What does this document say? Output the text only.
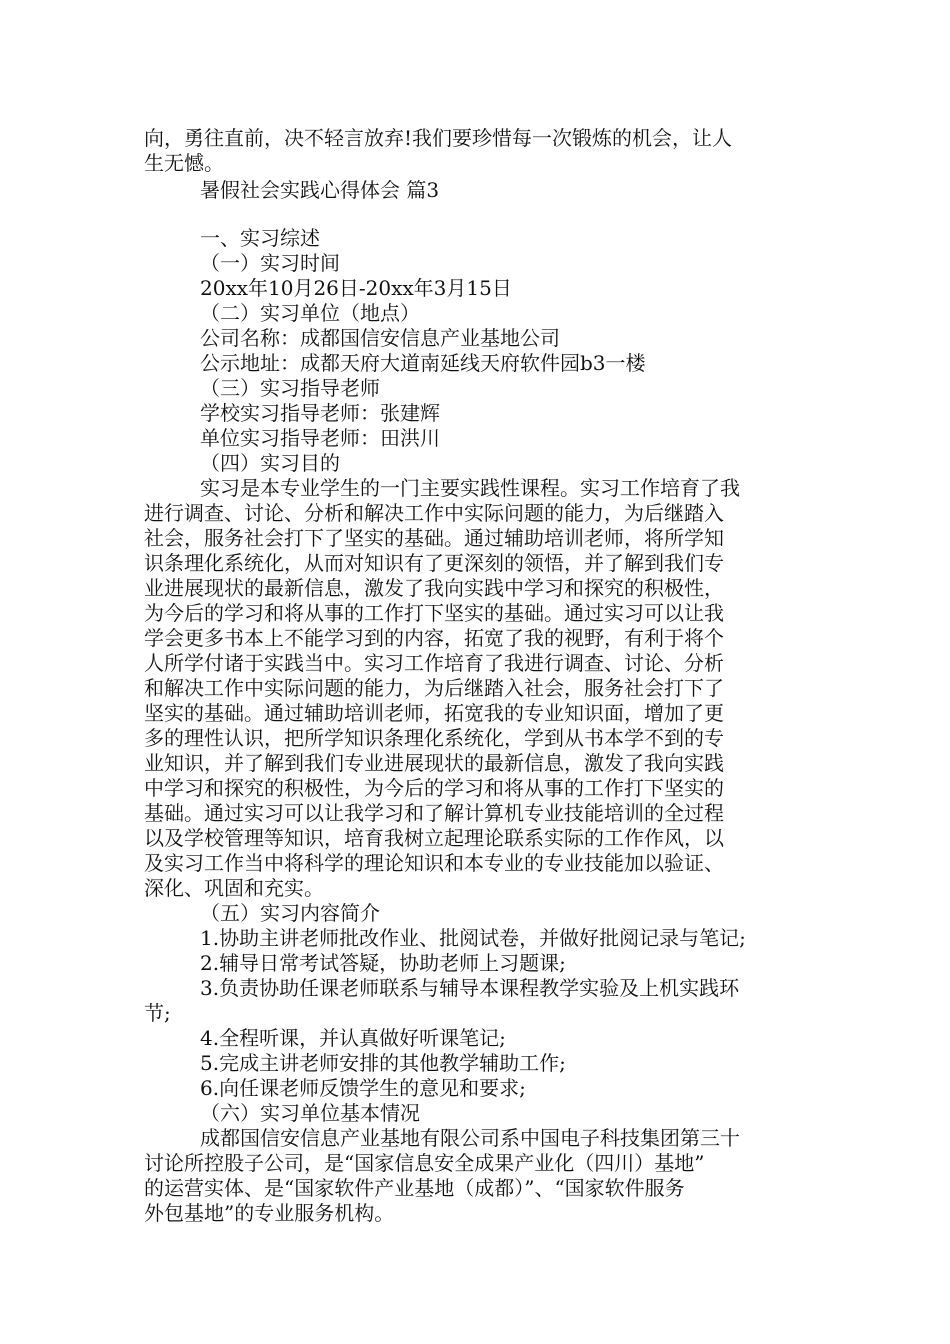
向，勇往直前，决不轻言放弃!我们要珍惜每一次锻炼的机会，让人
生无憾。
暑假社会实践心得体会 篇3
一、实习综述
（一）实习时间
20xx年10月26日-20xx年3月15日
（二）实习单位（地点）
公司名称：成都国信安信息产业基地公司
公示地址：成都天府大道南延线天府软件园b3一楼
（三）实习指导老师
学校实习指导老师：张建辉
单位实习指导老师：田洪川
（四）实习目的
实习是本专业学生的一门主要实践性课程。实习工作培育了我
进行调查、讨论、分析和解决工作中实际问题的能力，为后继踏入
社会，服务社会打下了坚实的基础。通过辅助培训老师，将所学知
识条理化系统化，从而对知识有了更深刻的领悟，并了解到我们专
业进展现状的最新信息，激发了我向实践中学习和探究的积极性，
为今后的学习和将从事的工作打下坚实的基础。通过实习可以让我
学会更多书本上不能学习到的内容，拓宽了我的视野，有利于将个
人所学付诸于实践当中。实习工作培育了我进行调查、讨论、分析
和解决工作中实际问题的能力，为后继踏入社会，服务社会打下了
坚实的基础。通过辅助培训老师，拓宽我的专业知识面，增加了更
多的理性认识，把所学知识条理化系统化，学到从书本学不到的专
业知识，并了解到我们专业进展现状的最新信息，激发了我向实践
中学习和探究的积极性，为今后的学习和将从事的工作打下坚实的
基础。通过实习可以让我学习和了解计算机专业技能培训的全过程
以及学校管理等知识，培育我树立起理论联系实际的工作作风，以
及实习工作当中将科学的理论知识和本专业的专业技能加以验证、
深化、巩固和充实。
（五）实习内容简介
1.协助主讲老师批改作业、批阅试卷，并做好批阅记录与笔记;
2.辅导日常考试答疑，协助老师上习题课;
3.负责协助任课老师联系与辅导本课程教学实验及上机实践环
节;
4.全程听课，并认真做好听课笔记;
5.完成主讲老师安排的其他教学辅助工作;
6.向任课老师反馈学生的意见和要求;
（六）实习单位基本情况
成都国信安信息产业基地有限公司系中国电子科技集团第三十
讨论所控股子公司，是“国家信息安全成果产业化（四川）基地”
的运营实体、是“国家软件产业基地（成都）”、“国家软件服务
外包基地”的专业服务机构。
